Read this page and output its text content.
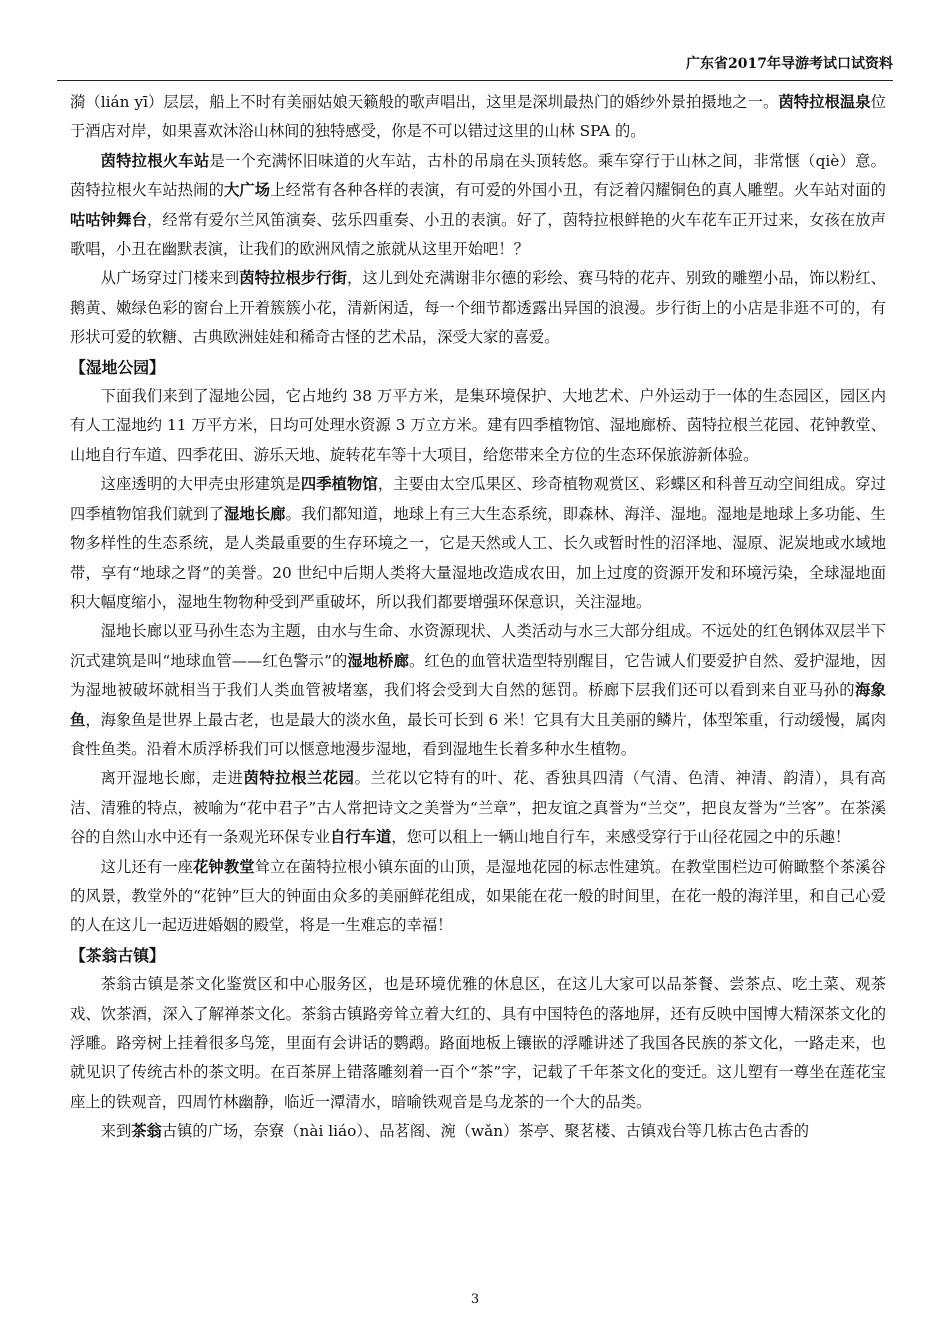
广东省2017年导游考试口试资料

漪（lián yī）层层，船上不时有美丽姑娘天籁般的歌声唱出，这里是深圳最热门的婚纱外景拍摄地之一。茵特拉根温泉位于酒店对岸，如果喜欢沐浴山林间的独特感受，你是不可以错过这里的山林 SPA 的。

茵特拉根火车站是一个充满怀旧味道的火车站，古朴的吊扇在头顶转悠。乘车穿行于山林之间，非常惬（qiè）意。茵特拉根火车站热闹的大广场上经常有各种各样的表演，有可爱的外国小丑，有泛着闪耀铜色的真人雕塑。火车站对面的咕咕钟舞台，经常有爱尔兰风笛演奏、弦乐四重奏、小丑的表演。好了，茵特拉根鲜艳的火车花车正开过来，女孩在放声歌唱，小丑在幽默表演，让我们的欧洲风情之旅就从这里开始吧！？

从广场穿过门楼来到茵特拉根步行街，这儿到处充满谢非尔德的彩绘、赛马特的花卉、别致的雕塑小品，饰以粉红、鹅黄、嫩绿色彩的窗台上开着簇簇小花，清新闲适，每一个细节都透露出异国的浪漫。步行街上的小店是非逛不可的，有形状可爱的软糖、古典欧洲娃娃和稀奇古怪的艺术品，深受大家的喜爱。

【湿地公园】

下面我们来到了湿地公园，它占地约 38 万平方米，是集环境保护、大地艺术、户外运动于一体的生态园区，园区内有人工湿地约 11 万平方米，日均可处理水资源 3 万立方米。建有四季植物馆、湿地廊桥、茵特拉根兰花园、花钟教堂、山地自行车道、四季花田、游乐天地、旋转花车等十大项目，给您带来全方位的生态环保旅游新体验。

这座透明的大甲壳虫形建筑是四季植物馆，主要由太空瓜果区、珍奇植物观赏区、彩蝶区和科普互动空间组成。穿过四季植物馆我们就到了湿地长廊。我们都知道，地球上有三大生态系统，即森林、海洋、湿地。湿地是地球上多功能、生物多样性的生态系统，是人类最重要的生存环境之一，它是天然或人工、长久或暂时性的沼泽地、湿原、泥炭地或水域地带，享有“地球之肾”的美誉。20 世纪中后期人类将大量湿地改造成农田，加上过度的资源开发和环境污染，全球湿地面积大幅度缩小，湿地生物物种受到严重破坏，所以我们都要增强环保意识，关注湿地。

湿地长廊以亚马孙生态为主题，由水与生命、水资源现状、人类活动与水三大部分组成。不远处的红色钢体双层半下沉式建筑是叫“地球血管——红色警示”的湿地桥廊。红色的血管状造型特别醒目，它告诫人们要爱护自然、爱护湿地，因为湿地被破坏就相当于我们人类血管被堵塞，我们将会受到大自然的惩罚。桥廊下层我们还可以看到来自亚马孙的海象鱼，海象鱼是世界上最古老，也是最大的淡水鱼，最长可长到 6 米！它具有大且美丽的鳞片，体型笨重，行动缓慢，属肉食性鱼类。沿着木质浮桥我们可以惬意地漫步湿地，看到湿地生长着多种水生植物。

离开湿地长廊，走进茵特拉根兰花园。兰花以它特有的叶、花、香独具四清（气清、色清、神清、韵清），具有高洁、清雅的特点，被喻为“花中君子”古人常把诗文之美誉为“兰章”，把友谊之真誉为“兰交”，把良友誉为“兰客”。在茶溪谷的自然山水中还有一条观光环保专业自行车道，您可以租上一辆山地自行车，来感受穿行于山径花园之中的乐趣！

这儿还有一座花钟教堂耸立在菌特拉根小镇东面的山顶，是湿地花园的标志性建筑。在教堂围栏边可俯瞰整个茶溪谷的风景，教堂外的“花钟”巨大的钟面由众多的美丽鲜花组成，如果能在花一般的时间里，在花一般的海洋里，和自己心爱的人在这儿一起迈进婚姻的殿堂，将是一生难忘的幸福！

【茶翁古镇】

茶翁古镇是茶文化鉴赏区和中心服务区，也是环境优雅的休息区，在这儿大家可以品茶餐、尝茶点、吃土菜、观茶戏、饮茶酒，深入了解禅茶文化。茶翁古镇路旁耸立着大红的、具有中国特色的落地屏，还有反映中国博大精深茶文化的浮雕。路旁树上挂着很多鸟笼，里面有会讲话的鹦鹉。路面地板上镶嵌的浮雕讲述了我国各民族的茶文化，一路走来，也就见识了传统古朴的茶文明。在百茶屏上错落雕刻着一百个“茶”字，记载了千年茶文化的变迁。这儿塑有一尊坐在莲花宝座上的铁观音，四周竹林幽静，临近一潭清水，暗喻铁观音是乌龙茶的一个大的品类。

来到茶翁古镇的广场，奈寮（nài liáo）、品茗阁、涴（wǎn）茶亭、聚茗楼、古镇戏台等几栋古色古香的

3
